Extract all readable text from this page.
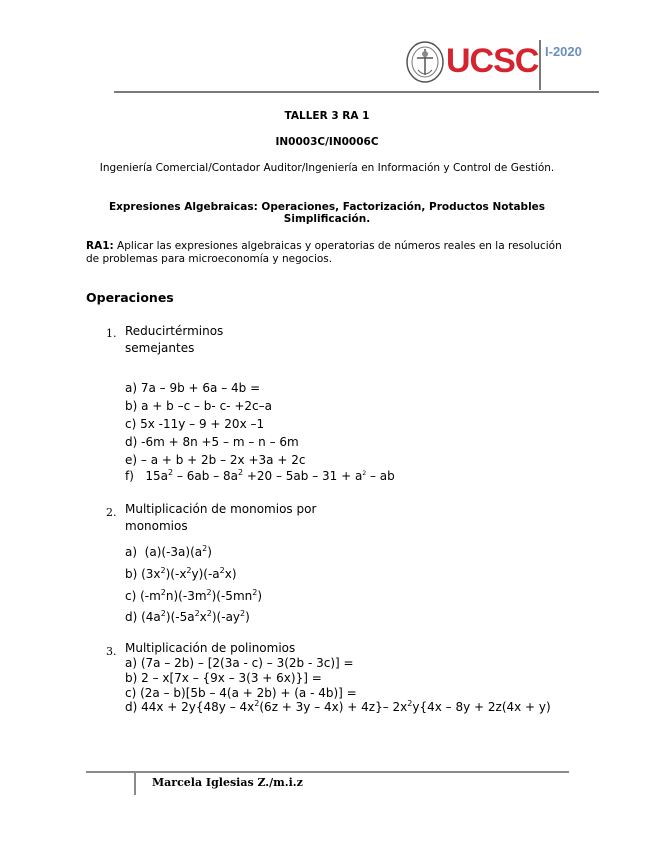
UCSC I-2020
TALLER 3 RA 1
IN0003C/IN0006C
Ingeniería Comercial/Contador Auditor/Ingeniería en Información y Control de Gestión.
Expresiones Algebraicas: Operaciones, Factorización, Productos Notables
Simplificación.
RA1: Aplicar las expresiones algebraicas y operatorias de números reales en la resolución
de problemas para microeconomía y negocios.
Operaciones
1. Reducirtérminos
semejantes
a) 7a – 9b + 6a – 4b =
b) a + b –c – b- c- +2c–a
c) 5x -11y – 9 + 20x –1
d) -6m + 8n +5 – m – n – 6m
e) – a + b + 2b – 2x +3a + 2c
f)   $15a^2 - 6ab - 8a^2 +20 - 5ab - 31 + a^2$ – ab
2. Multiplicación de monomios por
monomios
a)  $(a)(-3a)(a^2)$
b) $(3x^2)(-x^2y)(-a^2x)$
c) $(-m^2n)(-3m^2)(-5mn^2)$
d) $(4a^2)(-5a^2x^2)(-ay^2)$
3. Multiplicación de polinomios
a) (7a – 2b) – [2(3a - c) – 3(2b - 3c)] =
b) 2 – x[7x – {9x – 3(3 + 6x)}] =
c) (2a – b)[5b – 4(a + 2b) + (a - 4b)] =
d) $44x + 2y\{48y - 4x^2(6z + 3y - 4x) + 4z\}-$ $2x^2y\{4x - 8y + 2z(4x + y)$
Marcela Iglesias Z./m.i.z
